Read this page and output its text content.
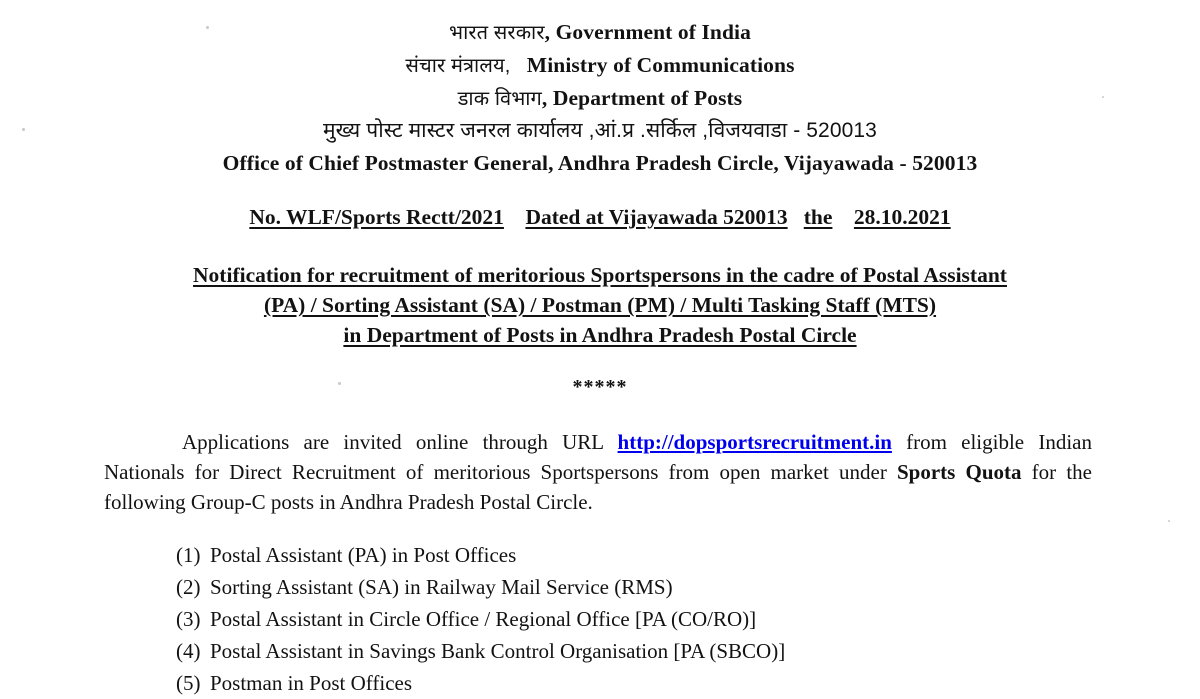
भारत सरकार, Government of India
संचार मंत्रालय, Ministry of Communications
डाक विभाग, Department of Posts
मुख्य पोस्ट मास्टर जनरल कार्यालय ,आं.प्र .सर्किल ,विजयवाडा - 520013
Office of Chief Postmaster General, Andhra Pradesh Circle, Vijayawada - 520013
No. WLF/Sports Rectt/2021 Dated at Vijayawada 520013 the 28.10.2021
Notification for recruitment of meritorious Sportspersons in the cadre of Postal Assistant
(PA) / Sorting Assistant (SA) / Postman (PM) / Multi Tasking Staff (MTS)
in Department of Posts in Andhra Pradesh Postal Circle
*****
Applications are invited online through URL http://dopsportsrecruitment.in from eligible Indian Nationals for Direct Recruitment of meritorious Sportspersons from open market under Sports Quota for the following Group-C posts in Andhra Pradesh Postal Circle.
(1) Postal Assistant (PA) in Post Offices
(2) Sorting Assistant (SA) in Railway Mail Service (RMS)
(3) Postal Assistant in Circle Office / Regional Office [PA (CO/RO)]
(4) Postal Assistant in Savings Bank Control Organisation [PA (SBCO)]
(5) Postman in Post Offices
